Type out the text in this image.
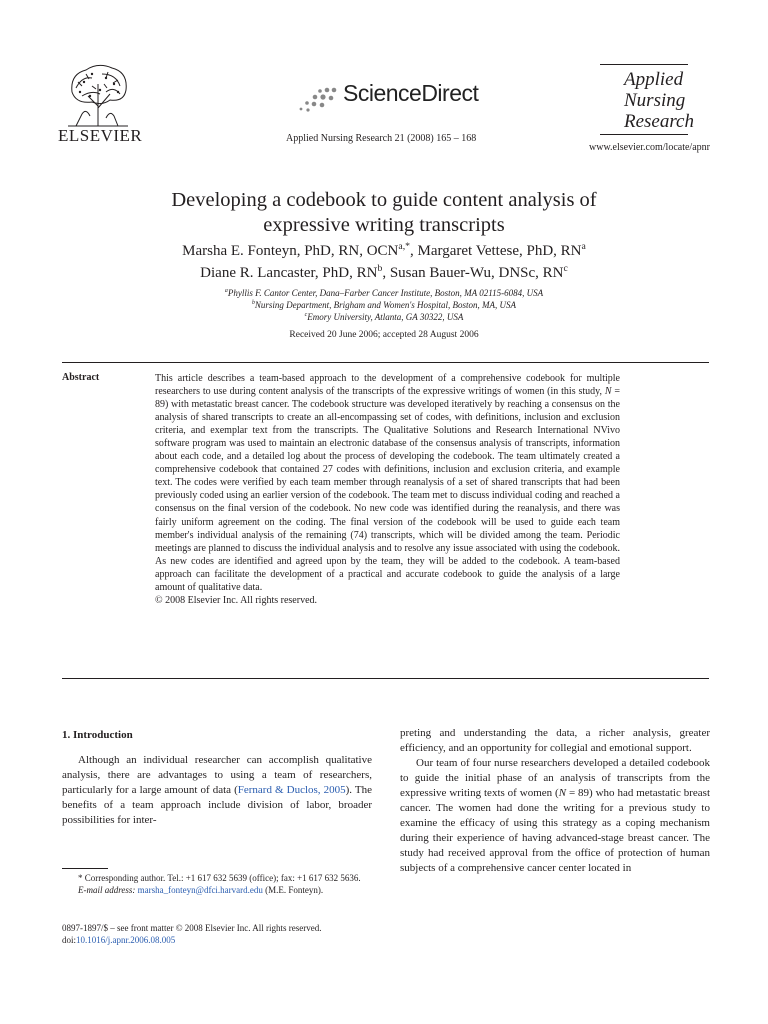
ELSEVIER
ScienceDirect
Applied Nursing Research 21 (2008) 165 – 168
Applied
Nursing
Research
www.elsevier.com/locate/apnr
Developing a codebook to guide content analysis of
expressive writing transcripts
Marsha E. Fonteyn, PhD, RN, $OCN^{a,*}$, Margaret Vettese, PhD, $RN^a$
Diane R. Lancaster, PhD, $RN^b$, Susan Bauer-Wu, DNSc, $RN^c$
$^a$Phyllis F. Cantor Center, Dana–Farber Cancer Institute, Boston, MA 02115-6084, USA
$^b$Nursing Department, Brigham and Women's Hospital, Boston, MA, USA
$^c$Emory University, Atlanta, GA 30322, USA
Received 20 June 2006; accepted 28 August 2006
Abstract	This article describes a team-based approach to the development of a comprehensive codebook for multiple researchers to use during content analysis of the transcripts of the expressive writings of women (in this study, N = 89) with metastatic breast cancer. The codebook structure was developed iteratively by reaching a consensus on the analysis of shared transcripts to create an all-encompassing set of codes, with definitions, inclusion and exclusion criteria, and exemplar text from the transcripts. The Qualitative Solutions and Research International NVivo software program was used to maintain an electronic database of the consensus analysis of transcripts, information about each code, and a detailed log about the process of developing the codebook. The team ultimately created a comprehensive codebook that contained 27 codes with definitions, inclusion and exclusion criteria, and example text. The codes were verified by each team member through reanalysis of a set of shared transcripts that had been previously coded using an earlier version of the codebook. The team met to discuss individual coding and reached a consensus on the final version of the codebook. No new code was identified during the reanalysis, and there was fairly uniform agreement on the coding. The final version of the codebook will be used to guide each team member's individual analysis of the remaining (74) transcripts, which will be divided among the team. Periodic meetings are planned to discuss the individual analysis and to resolve any issue associated with using the codebook. As new codes are identified and agreed upon by the team, they will be added to the codebook. A team-based approach can facilitate the development of a practical and accurate codebook to guide the analysis of a large amount of qualitative data.
© 2008 Elsevier Inc. All rights reserved.
1. Introduction

Although an individual researcher can accomplish qualitative analysis, there are advantages to using a team of researchers, particularly for a large amount of data (Fernard & Duclos, 2005). The benefits of a team approach include division of labor, broader possibilities for inter-

* Corresponding author. Tel.: +1 617 632 5639 (office); fax: +1 617 632 5636.
E-mail address: marsha_fonteyn@dfci.harvard.edu (M.E. Fonteyn).
0897-1897/$ – see front matter © 2008 Elsevier Inc. All rights reserved.
doi:10.1016/j.apnr.2006.08.005

preting and understanding the data, a richer analysis, greater efficiency, and an opportunity for collegial and emotional support.

Our team of four nurse researchers developed a detailed codebook to guide the initial phase of an analysis of transcripts from the expressive writing texts of women (N = 89) who had metastatic breast cancer. The women had done the writing for a previous study to examine the efficacy of using this strategy as a coping mechanism during their experience of having advanced-stage breast cancer. The study had received approval from the office of protection of human subjects of a comprehensive cancer center located in
